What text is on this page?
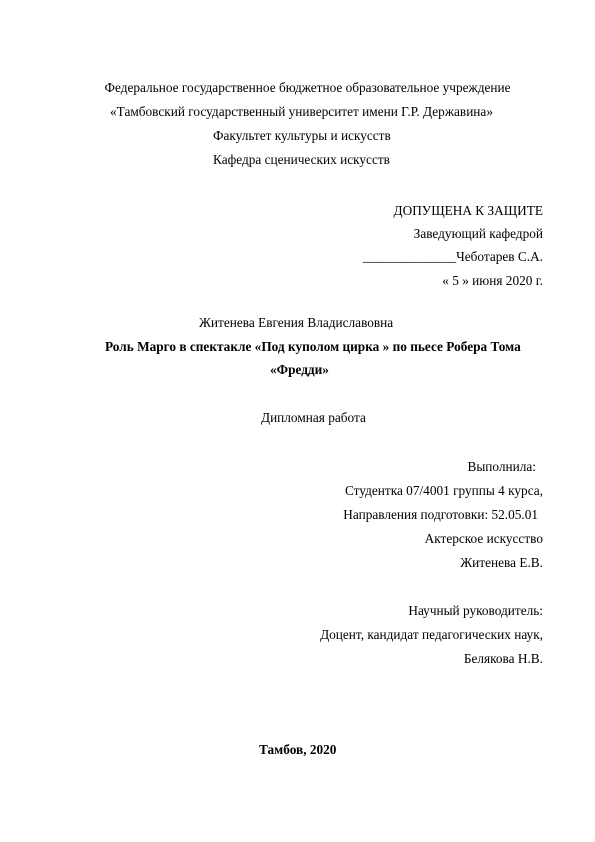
Федеральное государственное бюджетное образовательное учреждение
«Тамбовский государственный университет имени Г.Р. Державина»
Факультет культуры и искусств
Кафедра сценических искусств
ДОПУЩЕНА К ЗАЩИТЕ
Заведующий кафедрой
______________Чеботарев С.А.
« 5 » июня 2020 г.
Житенева Евгения Владиславовна
Роль Марго в спектакле «Под куполом цирка » по пьесе Робера Тома
«Фредди»
Дипломная работа
Выполнила:
Студентка 07/4001 группы 4 курса,
Направления подготовки: 52.05.01
Актерское искусство
Житенева Е.В.
Научный руководитель:
Доцент, кандидат педагогических наук,
Белякова Н.В.
Тамбов, 2020
